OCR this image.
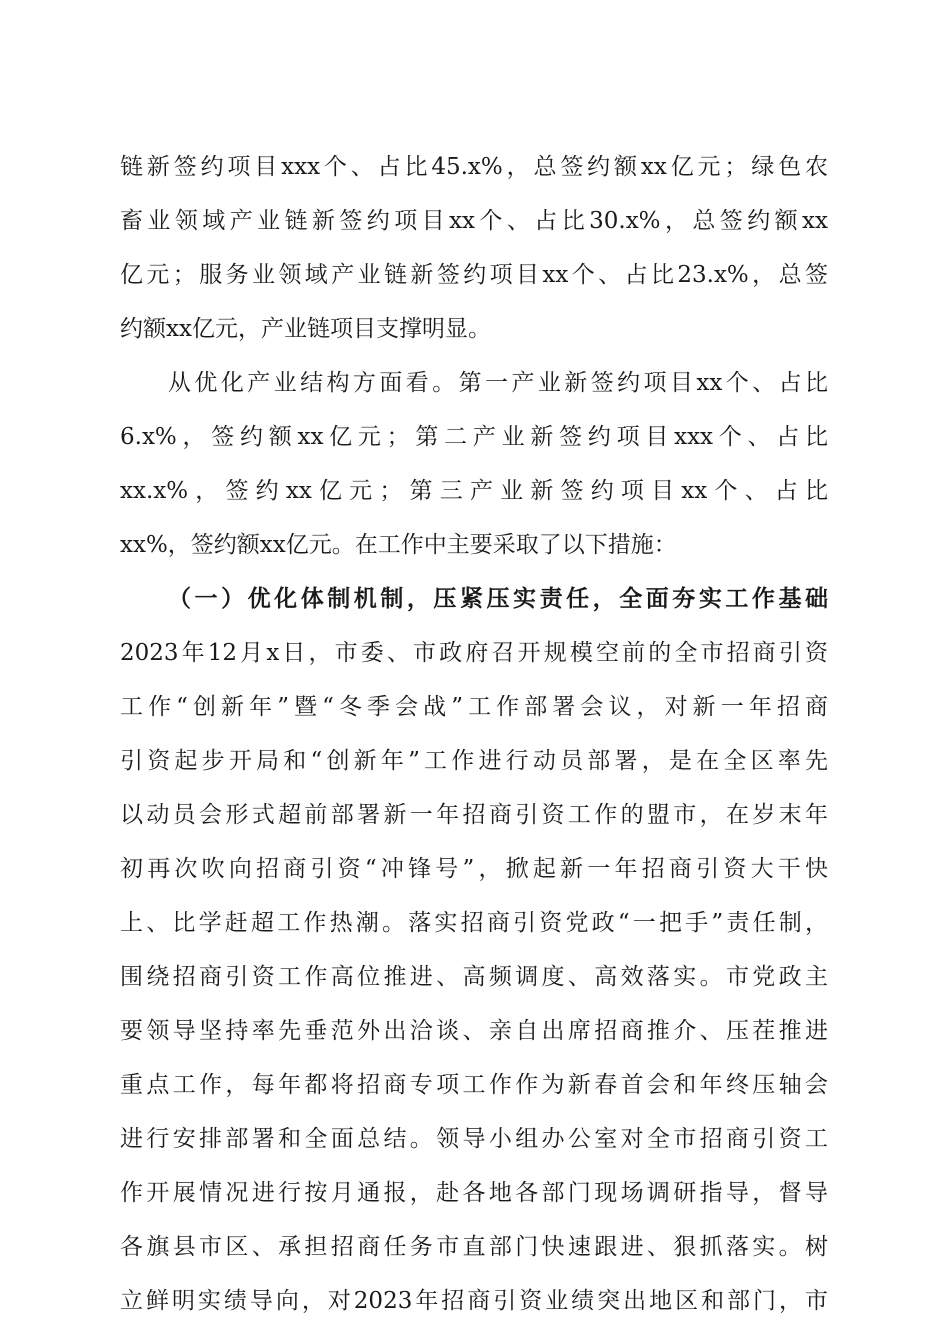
链新签约项目xxx个、占比45.x%，总签约额xx亿元；绿色农
畜业领域产业链新签约项目xx个、占比30.x%，总签约额xx
亿元；服务业领域产业链新签约项目xx个、占比23.x%，总签
约额xx亿元，产业链项目支撑明显。
从优化产业结构方面看。第一产业新签约项目xx个、占比
6.x%，签约额xx亿元；第二产业新签约项目xxx个、占比
xx.x%，签约xx亿元；第三产业新签约项目xx个、占比
xx%，签约额xx亿元。在工作中主要采取了以下措施：
（一）优化体制机制，压紧压实责任，全面夯实工作基础
2023年12月x日，市委、市政府召开规模空前的全市招商引资
工作“创新年”暨“冬季会战”工作部署会议，对新一年招商
引资起步开局和“创新年”工作进行动员部署，是在全区率先
以动员会形式超前部署新一年招商引资工作的盟市，在岁末年
初再次吹向招商引资“冲锋号”，掀起新一年招商引资大干快
上、比学赶超工作热潮。落实招商引资党政“一把手”责任制，
围绕招商引资工作高位推进、高频调度、高效落实。市党政主
要领导坚持率先垂范外出洽谈、亲自出席招商推介、压茬推进
重点工作，每年都将招商专项工作作为新春首会和年终压轴会
进行安排部署和全面总结。领导小组办公室对全市招商引资工
作开展情况进行按月通报，赴各地各部门现场调研指导，督导
各旗县市区、承担招商任务市直部门快速跟进、狠抓落实。树
立鲜明实绩导向，对2023年招商引资业绩突出地区和部门，市
